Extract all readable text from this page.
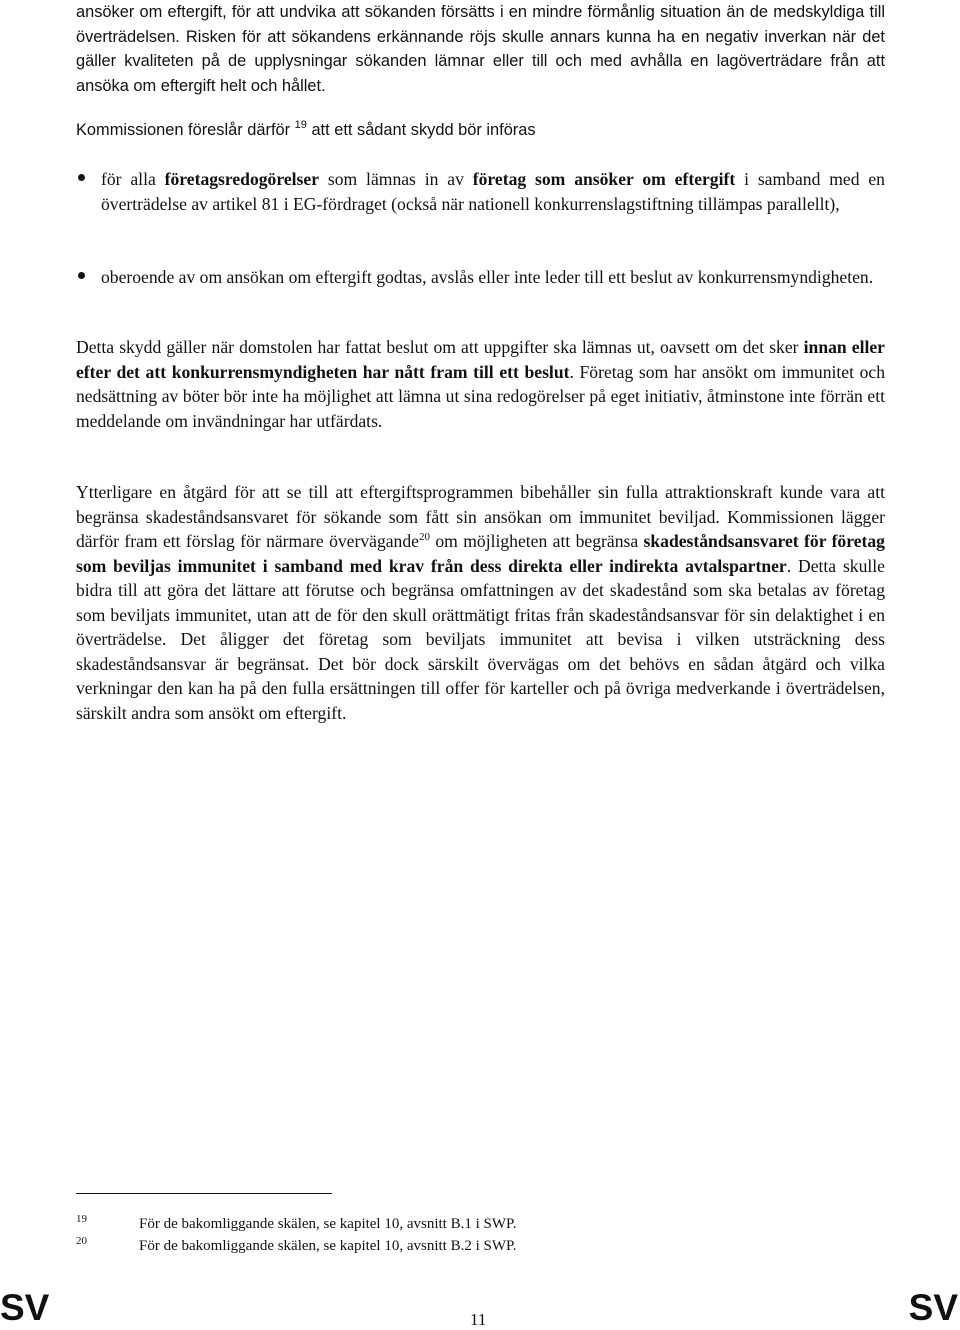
ansöker om eftergift, för att undvika att sökanden försätts i en mindre förmånlig situation än de medskyldiga till överträdelsen. Risken för att sökandens erkännande röjs skulle annars kunna ha en negativ inverkan när det gäller kvaliteten på de upplysningar sökanden lämnar eller till och med avhålla en lagöverträdare från att ansöka om eftergift helt och hållet.

Kommissionen föreslår därför $^{19}$ att ett sådant skydd bör införas

för alla företagsredogörelser som lämnas in av företag som ansöker om eftergift i samband med en överträdelse av artikel 81 i EG-fördraget (också när nationell konkurrenslagstiftning tillämpas parallellt),

oberoende av om ansökan om eftergift godtas, avslås eller inte leder till ett beslut av konkurrensmyndigheten.

Detta skydd gäller när domstolen har fattat beslut om att uppgifter ska lämnas ut, oavsett om det sker innan eller efter det att konkurrensmyndigheten har nått fram till ett beslut. Företag som har ansökt om immunitet och nedsättning av böter bör inte ha möjlighet att lämna ut sina redogörelser på eget initiativ, åtminstone inte förrän ett meddelande om invändningar har utfärdats.

Ytterligare en åtgärd för att se till att eftergiftsprogrammen bibehåller sin fulla attraktionskraft kunde vara att begränsa skadeståndsansvaret för sökande som fått sin ansökan om immunitet beviljad. Kommissionen lägger därför fram ett förslag för närmare övervägande$^{20}$ om möjligheten att begränsa skadeståndsansvaret för företag som beviljas immunitet i samband med krav från dess direkta eller indirekta avtalspartner. Detta skulle bidra till att göra det lättare att förutse och begränsa omfattningen av det skadestånd som ska betalas av företag som beviljats immunitet, utan att de för den skull orättmätigt fritas från skadeståndsansvar för sin delaktighet i en överträdelse. Det åligger det företag som beviljats immunitet att bevisa i vilken utsträckning dess skadeståndsansvar är begränsat. Det bör dock särskilt övervägas om det behövs en sådan åtgärd och vilka verkningar den kan ha på den fulla ersättningen till offer för karteller och på övriga medverkande i överträdelsen, särskilt andra som ansökt om eftergift.

19	För de bakomliggande skälen, se kapitel 10, avsnitt B.1 i SWP.
20	För de bakomliggande skälen, se kapitel 10, avsnitt B.2 i SWP.
SV	11	SV
